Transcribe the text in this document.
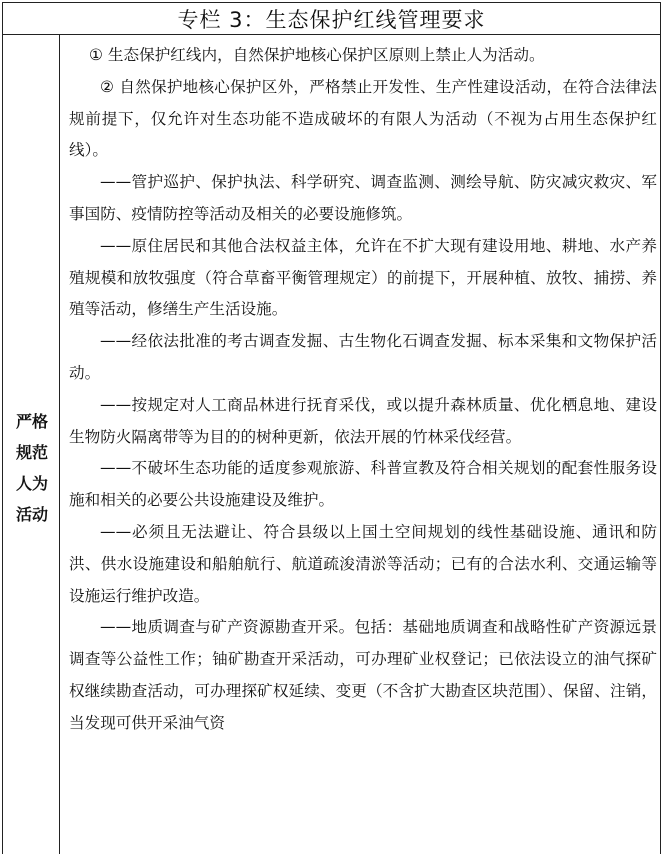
专栏 3：生态保护红线管理要求
严格
规范
人为
活动

① 生态保护红线内，自然保护地核心保护区原则上禁止人为活动。

② 自然保护地核心保护区外，严格禁止开发性、生产性建设活动，在符合法律法规前提下，仅允许对生态功能不造成破坏的有限人为活动（不视为占用生态保护红线）。

——管护巡护、保护执法、科学研究、调查监测、测绘导航、防灾减灾救灾、军事国防、疫情防控等活动及相关的必要设施修筑。

——原住居民和其他合法权益主体，允许在不扩大现有建设用地、耕地、水产养殖规模和放牧强度（符合草畜平衡管理规定）的前提下，开展种植、放牧、捕捞、养殖等活动，修缮生产生活设施。

——经依法批准的考古调查发掘、古生物化石调查发掘、标本采集和文物保护活动。

——按规定对人工商品林进行抚育采伐，或以提升森林质量、优化栖息地、建设生物防火隔离带等为目的的树种更新，依法开展的竹林采伐经营。

——不破坏生态功能的适度参观旅游、科普宣教及符合相关规划的配套性服务设施和相关的必要公共设施建设及维护。

——必须且无法避让、符合县级以上国土空间规划的线性基础设施、通讯和防洪、供水设施建设和船舶航行、航道疏浚清淤等活动；已有的合法水利、交通运输等设施运行维护改造。

——地质调查与矿产资源勘查开采。包括：基础地质调查和战略性矿产资源远景调查等公益性工作；铀矿勘查开采活动，可办理矿业权登记；已依法设立的油气探矿权继续勘查活动，可办理探矿权延续、变更（不含扩大勘查区块范围）、保留、注销，当发现可供开采油气资
